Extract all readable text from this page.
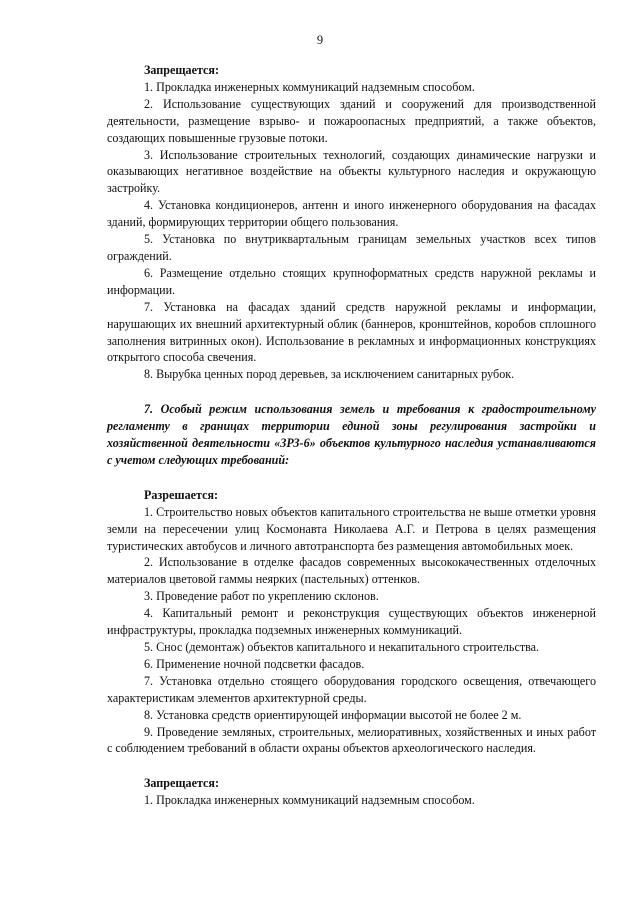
9

Запрещается:

1. Прокладка инженерных коммуникаций надземным способом.

2. Использование существующих зданий и сооружений для производственной деятельности, размещение взрыво- и пожароопасных предприятий, а также объектов, создающих повышенные грузовые потоки.

3. Использование строительных технологий, создающих динамические нагрузки и оказывающих негативное воздействие на объекты культурного наследия и окружающую застройку.

4. Установка кондиционеров, антенн и иного инженерного оборудования на фасадах зданий, формирующих территории общего пользования.

5. Установка по внутриквартальным границам земельных участков всех типов ограждений.

6. Размещение отдельно стоящих крупноформатных средств наружной рекламы и информации.

7. Установка на фасадах зданий средств наружной рекламы и информации, нарушающих их внешний архитектурный облик (баннеров, кронштейнов, коробов сплошного заполнения витринных окон). Использование в рекламных и информационных конструкциях открытого способа свечения.

8. Вырубка ценных пород деревьев, за исключением санитарных рубок.

7. Особый режим использования земель и требования к градостроительному регламенту в границах территории единой зоны регулирования застройки и хозяйственной деятельности «ЗРЗ-6» объектов культурного наследия устанавливаются с учетом следующих требований:

Разрешается:

1. Строительство новых объектов капитального строительства не выше отметки уровня земли на пересечении улиц Космонавта Николаева А.Г. и Петрова в целях размещения туристических автобусов и личного автотранспорта без размещения автомобильных моек.

2. Использование в отделке фасадов современных высококачественных отделочных материалов цветовой гаммы неярких (пастельных) оттенков.

3. Проведение работ по укреплению склонов.

4. Капитальный ремонт и реконструкция существующих объектов инженерной инфраструктуры, прокладка подземных инженерных коммуникаций.

5. Снос (демонтаж) объектов капитального и некапитального строительства.

6. Применение ночной подсветки фасадов.

7. Установка отдельно стоящего оборудования городского освещения, отвечающего характеристикам элементов архитектурной среды.

8. Установка средств ориентирующей информации высотой не более 2 м.

9. Проведение земляных, строительных, мелиоративных, хозяйственных и иных работ с соблюдением требований в области охраны объектов археологического наследия.

Запрещается:

1. Прокладка инженерных коммуникаций надземным способом.
